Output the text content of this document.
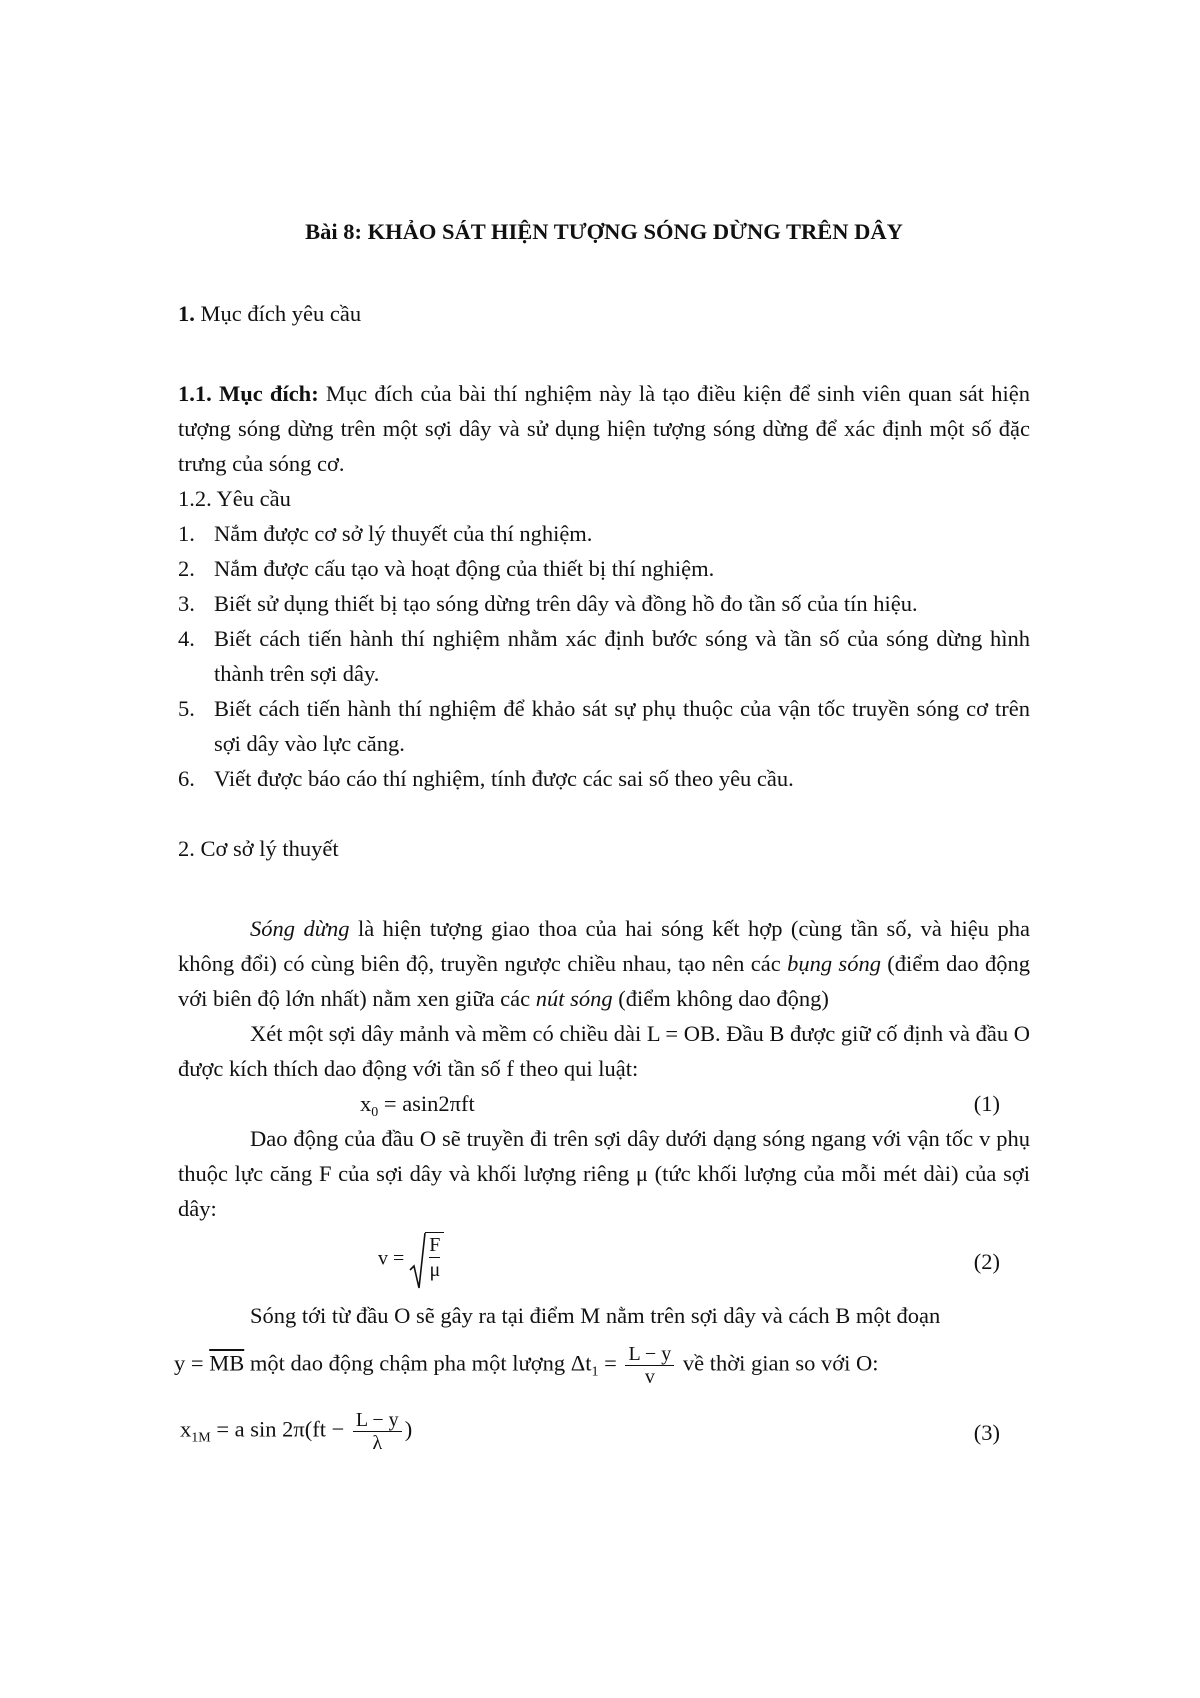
Bài 8: KHẢO SÁT HIỆN TƯỢNG SÓNG DỪNG TRÊN DÂY
1. Mục đích yêu cầu

1.1. Mục đích: Mục đích của bài thí nghiệm này là tạo điều kiện để sinh viên quan sát hiện tượng sóng dừng trên một sợi dây và sử dụng hiện tượng sóng dừng để xác định một số đặc trưng của sóng cơ.

1.2. Yêu cầu
1. Nắm được cơ sở lý thuyết của thí nghiệm.
2. Nắm được cấu tạo và hoạt động của thiết bị thí nghiệm.
3. Biết sử dụng thiết bị tạo sóng dừng trên dây và đồng hồ đo tần số của tín hiệu.
4. Biết cách tiến hành thí nghiệm nhằm xác định bước sóng và tần số của sóng dừng hình thành trên sợi dây.
5. Biết cách tiến hành thí nghiệm để khảo sát sự phụ thuộc của vận tốc truyền sóng cơ trên sợi dây vào lực căng.
6. Viết được báo cáo thí nghiệm, tính được các sai số theo yêu cầu.
2. Cơ sở lý thuyết

Sóng dừng là hiện tượng giao thoa của hai sóng kết hợp (cùng tần số, và hiệu pha không đổi) có cùng biên độ, truyền ngược chiều nhau, tạo nên các bụng sóng (điểm dao động với biên độ lớn nhất) nằm xen giữa các nút sóng (điểm không dao động)

Xét một sợi dây mảnh và mềm có chiều dài L = OB. Đầu B được giữ cố định và đầu O được kích thích dao động với tần số f theo qui luật:

$x_0 = asin2\pi ft$	(1)

Dao động của đầu O sẽ truyền đi trên sợi dây dưới dạng sóng ngang với vận tốc v phụ thuộc lực căng F của sợi dây và khối lượng riêng μ (tức khối lượng của mỗi mét dài) của sợi dây:

$v = \frac{F}{\mu}$	(2)

Sóng tới từ đầu O sẽ gây ra tại điểm M nằm trên sợi dây và cách B một đoạn

$y = \overline{MB}$ một dao động chậm pha một lượng $\Delta t_1 = \frac{L - y}{v}$ về thời gian so với O:
$x_{1M} = a$ $\sin 2\pi(ft - \frac{L - y}{\lambda}$ )	(3)
